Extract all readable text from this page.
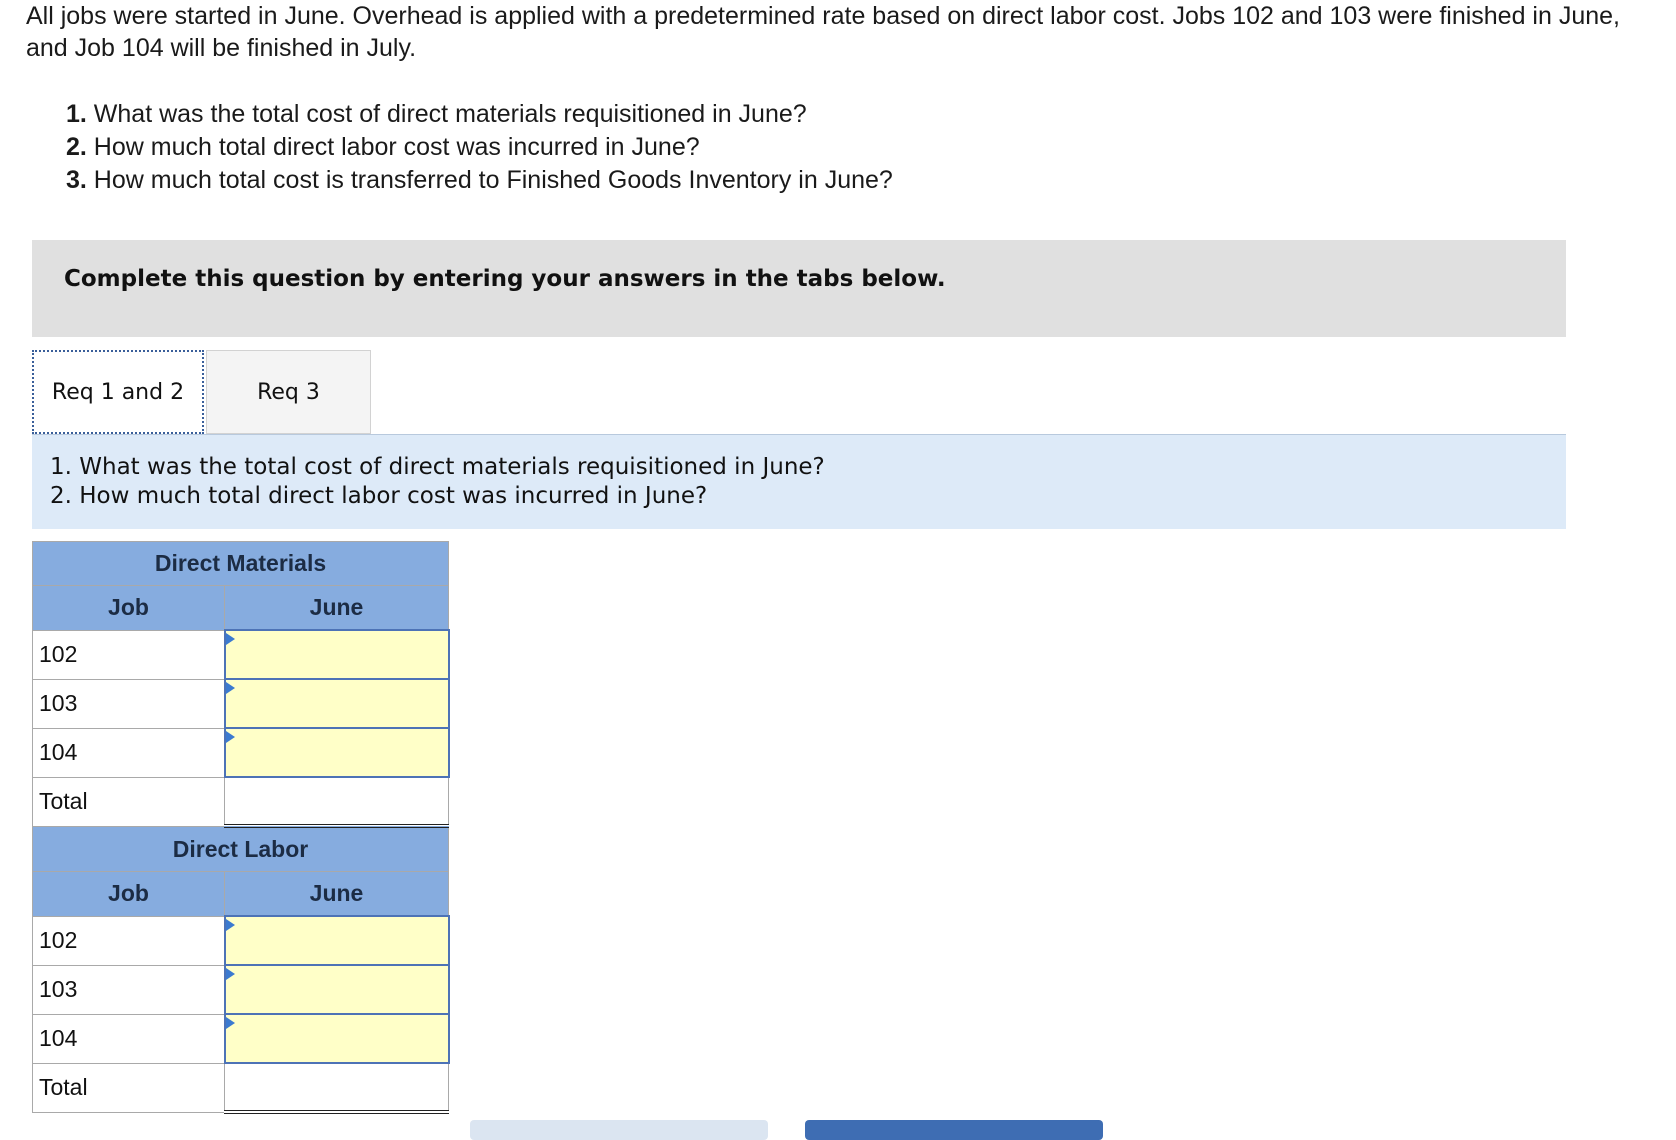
All jobs were started in June. Overhead is applied with a predetermined rate based on direct labor cost. Jobs 102 and 103 were finished in June, and Job 104 will be finished in July.
1. What was the total cost of direct materials requisitioned in June?
2. How much total direct labor cost was incurred in June?
3. How much total cost is transferred to Finished Goods Inventory in June?
Complete this question by entering your answers in the tabs below.
Req 1 and 2	Req 3
1. What was the total cost of direct materials requisitioned in June?
2. How much total direct labor cost was incurred in June?
Direct Materials	
Job	June
102	
103	
104	
Total	
Direct Labor	
Job	June
102	
103	
104	
Total	
